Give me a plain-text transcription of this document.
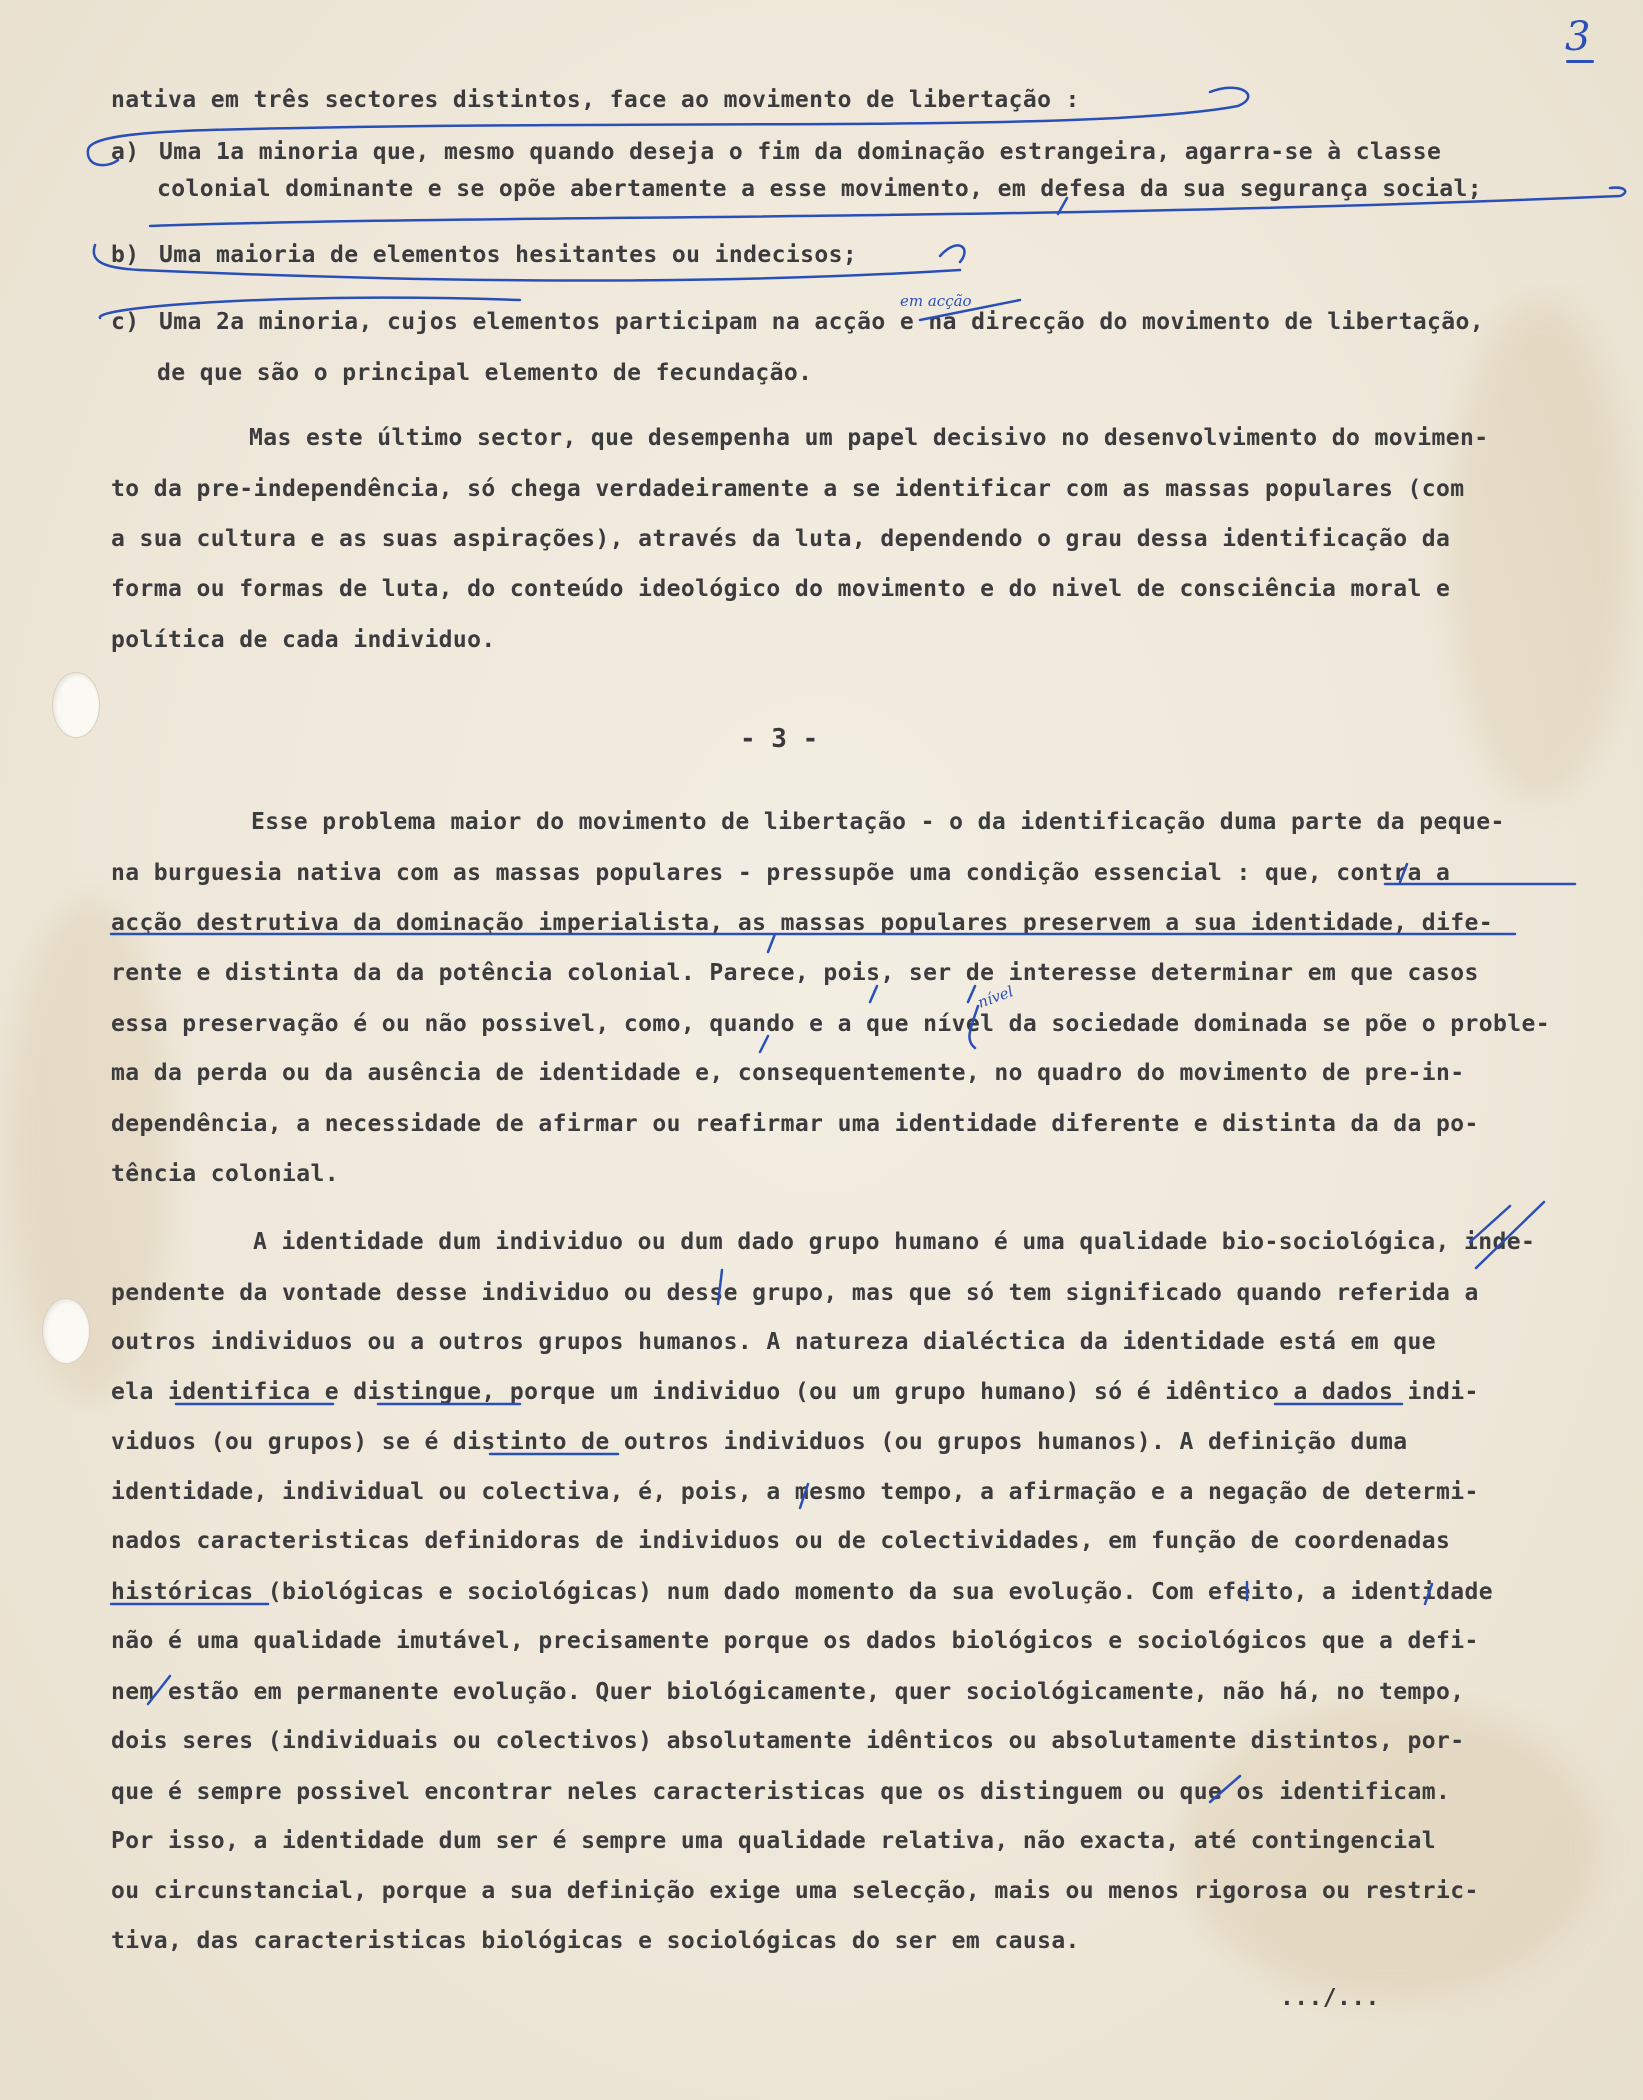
3
nativa em três sectores distintos, face ao movimento de libertação :
a) Uma 1a minoria que, mesmo quando deseja o fim da dominação estrangeira, agarra-se à classe
colonial dominante e se opõe abertamente a esse movimento, em defesa da sua segurança social;
b) Uma maioria de elementos hesitantes ou indecisos;
c) Uma 2a minoria, cujos elementos participam na acção e na direcção do movimento de libertação,
de que são o principal elemento de fecundação.
Mas este último sector, que desempenha um papel decisivo no desenvolvimento do movimen-
to da pre-independência, só chega verdadeiramente a se identificar com as massas populares (com
a sua cultura e as suas aspirações), através da luta, dependendo o grau dessa identificação da
forma ou formas de luta, do conteúdo ideológico do movimento e do nivel de consciência moral e
política de cada individuo.
- 3 -
Esse problema maior do movimento de libertação - o da identificação duma parte da peque-
na burguesia nativa com as massas populares - pressupõe uma condição essencial : que, contra a
acção destrutiva da dominação imperialista, as massas populares preservem a sua identidade, dife-
rente e distinta da da potência colonial. Parece, pois, ser de interesse determinar em que casos
essa preservação é ou não possivel, como, quando e a que nível da sociedade dominada se põe o proble-
ma da perda ou da ausência de identidade e, consequentemente, no quadro do movimento de pre-in-
dependência, a necessidade de afirmar ou reafirmar uma identidade diferente e distinta da da po-
tência colonial.
A identidade dum individuo ou dum dado grupo humano é uma qualidade bio-sociológica, inde-
pendente da vontade desse individuo ou desse grupo, mas que só tem significado quando referida a
outros individuos ou a outros grupos humanos. A natureza dialéctica da identidade está em que
ela identifica e distingue, porque um individuo (ou um grupo humano) só é idêntico a dados indi-
viduos (ou grupos) se é distinto de outros individuos (ou grupos humanos). A definição duma
identidade, individual ou colectiva, é, pois, a mesmo tempo, a afirmação e a negação de determi-
nados caracteristicas definidoras de individuos ou de colectividades, em função de coordenadas
históricas (biológicas e sociológicas) num dado momento da sua evolução. Com efeito, a identidade
não é uma qualidade imutável, precisamente porque os dados biológicos e sociológicos que a defi-
nem estão em permanente evolução. Quer biológicamente, quer sociológicamente, não há, no tempo,
dois seres (individuais ou colectivos) absolutamente idênticos ou absolutamente distintos, por-
que é sempre possivel encontrar neles caracteristicas que os distinguem ou que os identificam.
Por isso, a identidade dum ser é sempre uma qualidade relativa, não exacta, até contingencial
ou circunstancial, porque a sua definição exige uma selecção, mais ou menos rigorosa ou restric-
tiva, das caracteristicas biológicas e sociológicas do ser em causa.
.../...
em acção
nível
